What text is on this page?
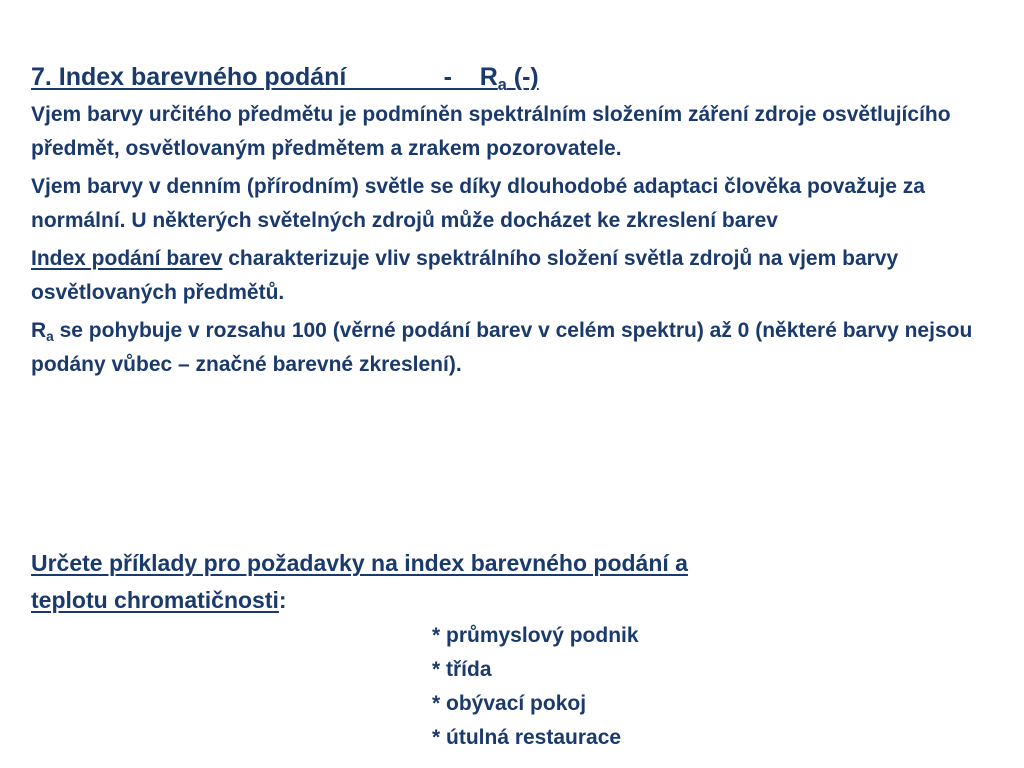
7. Index barevného podání              -    $R_a$ (-)

Vjem barvy určitého předmětu je podmíněn spektrálním složením záření zdroje osvětlujícího předmět, osvětlovaným předmětem a zrakem pozorovatele.

Vjem barvy v denním (přírodním) světle se díky dlouhodobé adaptaci člověka považuje za normální. U některých světelných zdrojů může docházet ke zkreslení barev

Index podání barev charakterizuje vliv spektrálního složení světla zdrojů na vjem barvy osvětlovaných předmětů.

$R_a$ se pohybuje v rozsahu 100 (věrné podání barev v celém spektru) až 0 (některé barvy nejsou podány vůbec – značné barevné zkreslení).

Určete příklady pro požadavky na index barevného podání a

teplotu chromatičnosti:
* průmyslový podnik
* třída
* obývací pokoj
* útulná restaurace
